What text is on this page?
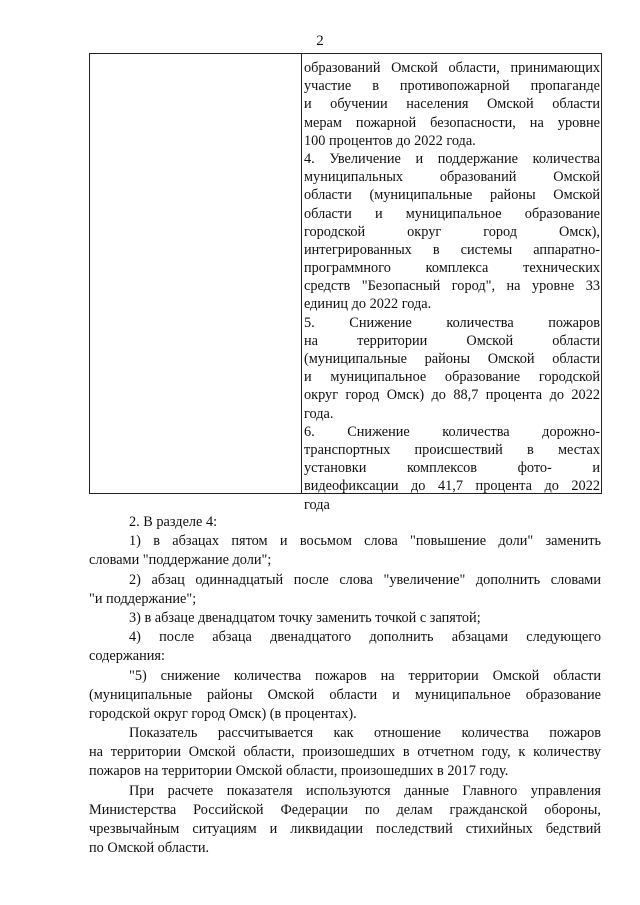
2
образований Омской области, принимающих
участие в противопожарной пропаганде
и обучении населения Омской области
мерам пожарной безопасности, на уровне
100 процентов до 2022 года.
4. Увеличение и поддержание количества
муниципальных образований Омской
области (муниципальные районы Омской
области и муниципальное образование
городской округ город Омск),
интегрированных в системы аппаратно-
программного комплекса технических
средств "Безопасный город", на уровне 33
единиц до 2022 года.
5. Снижение количества пожаров
на территории Омской области
(муниципальные районы Омской области
и муниципальное образование городской
округ город Омск) до 88,7 процента до 2022
года.
6. Снижение количества дорожно-
транспортных происшествий в местах
установки комплексов фото- и
видеофиксации до 41,7 процента до 2022
года
2. В разделе 4:
1) в абзацах пятом и восьмом слова "повышение доли" заменить
словами "поддержание доли";
2) абзац одиннадцатый после слова "увеличение" дополнить словами
"и поддержание";
3) в абзаце двенадцатом точку заменить точкой с запятой;
4) после абзаца двенадцатого дополнить абзацами следующего
содержания:
"5) снижение количества пожаров на территории Омской области
(муниципальные районы Омской области и муниципальное образование
городской округ город Омск) (в процентах).
Показатель рассчитывается как отношение количества пожаров
на территории Омской области, произошедших в отчетном году, к количеству
пожаров на территории Омской области, произошедших в 2017 году.
При расчете показателя используются данные Главного управления
Министерства Российской Федерации по делам гражданской обороны,
чрезвычайным ситуациям и ликвидации последствий стихийных бедствий
по Омской области.
